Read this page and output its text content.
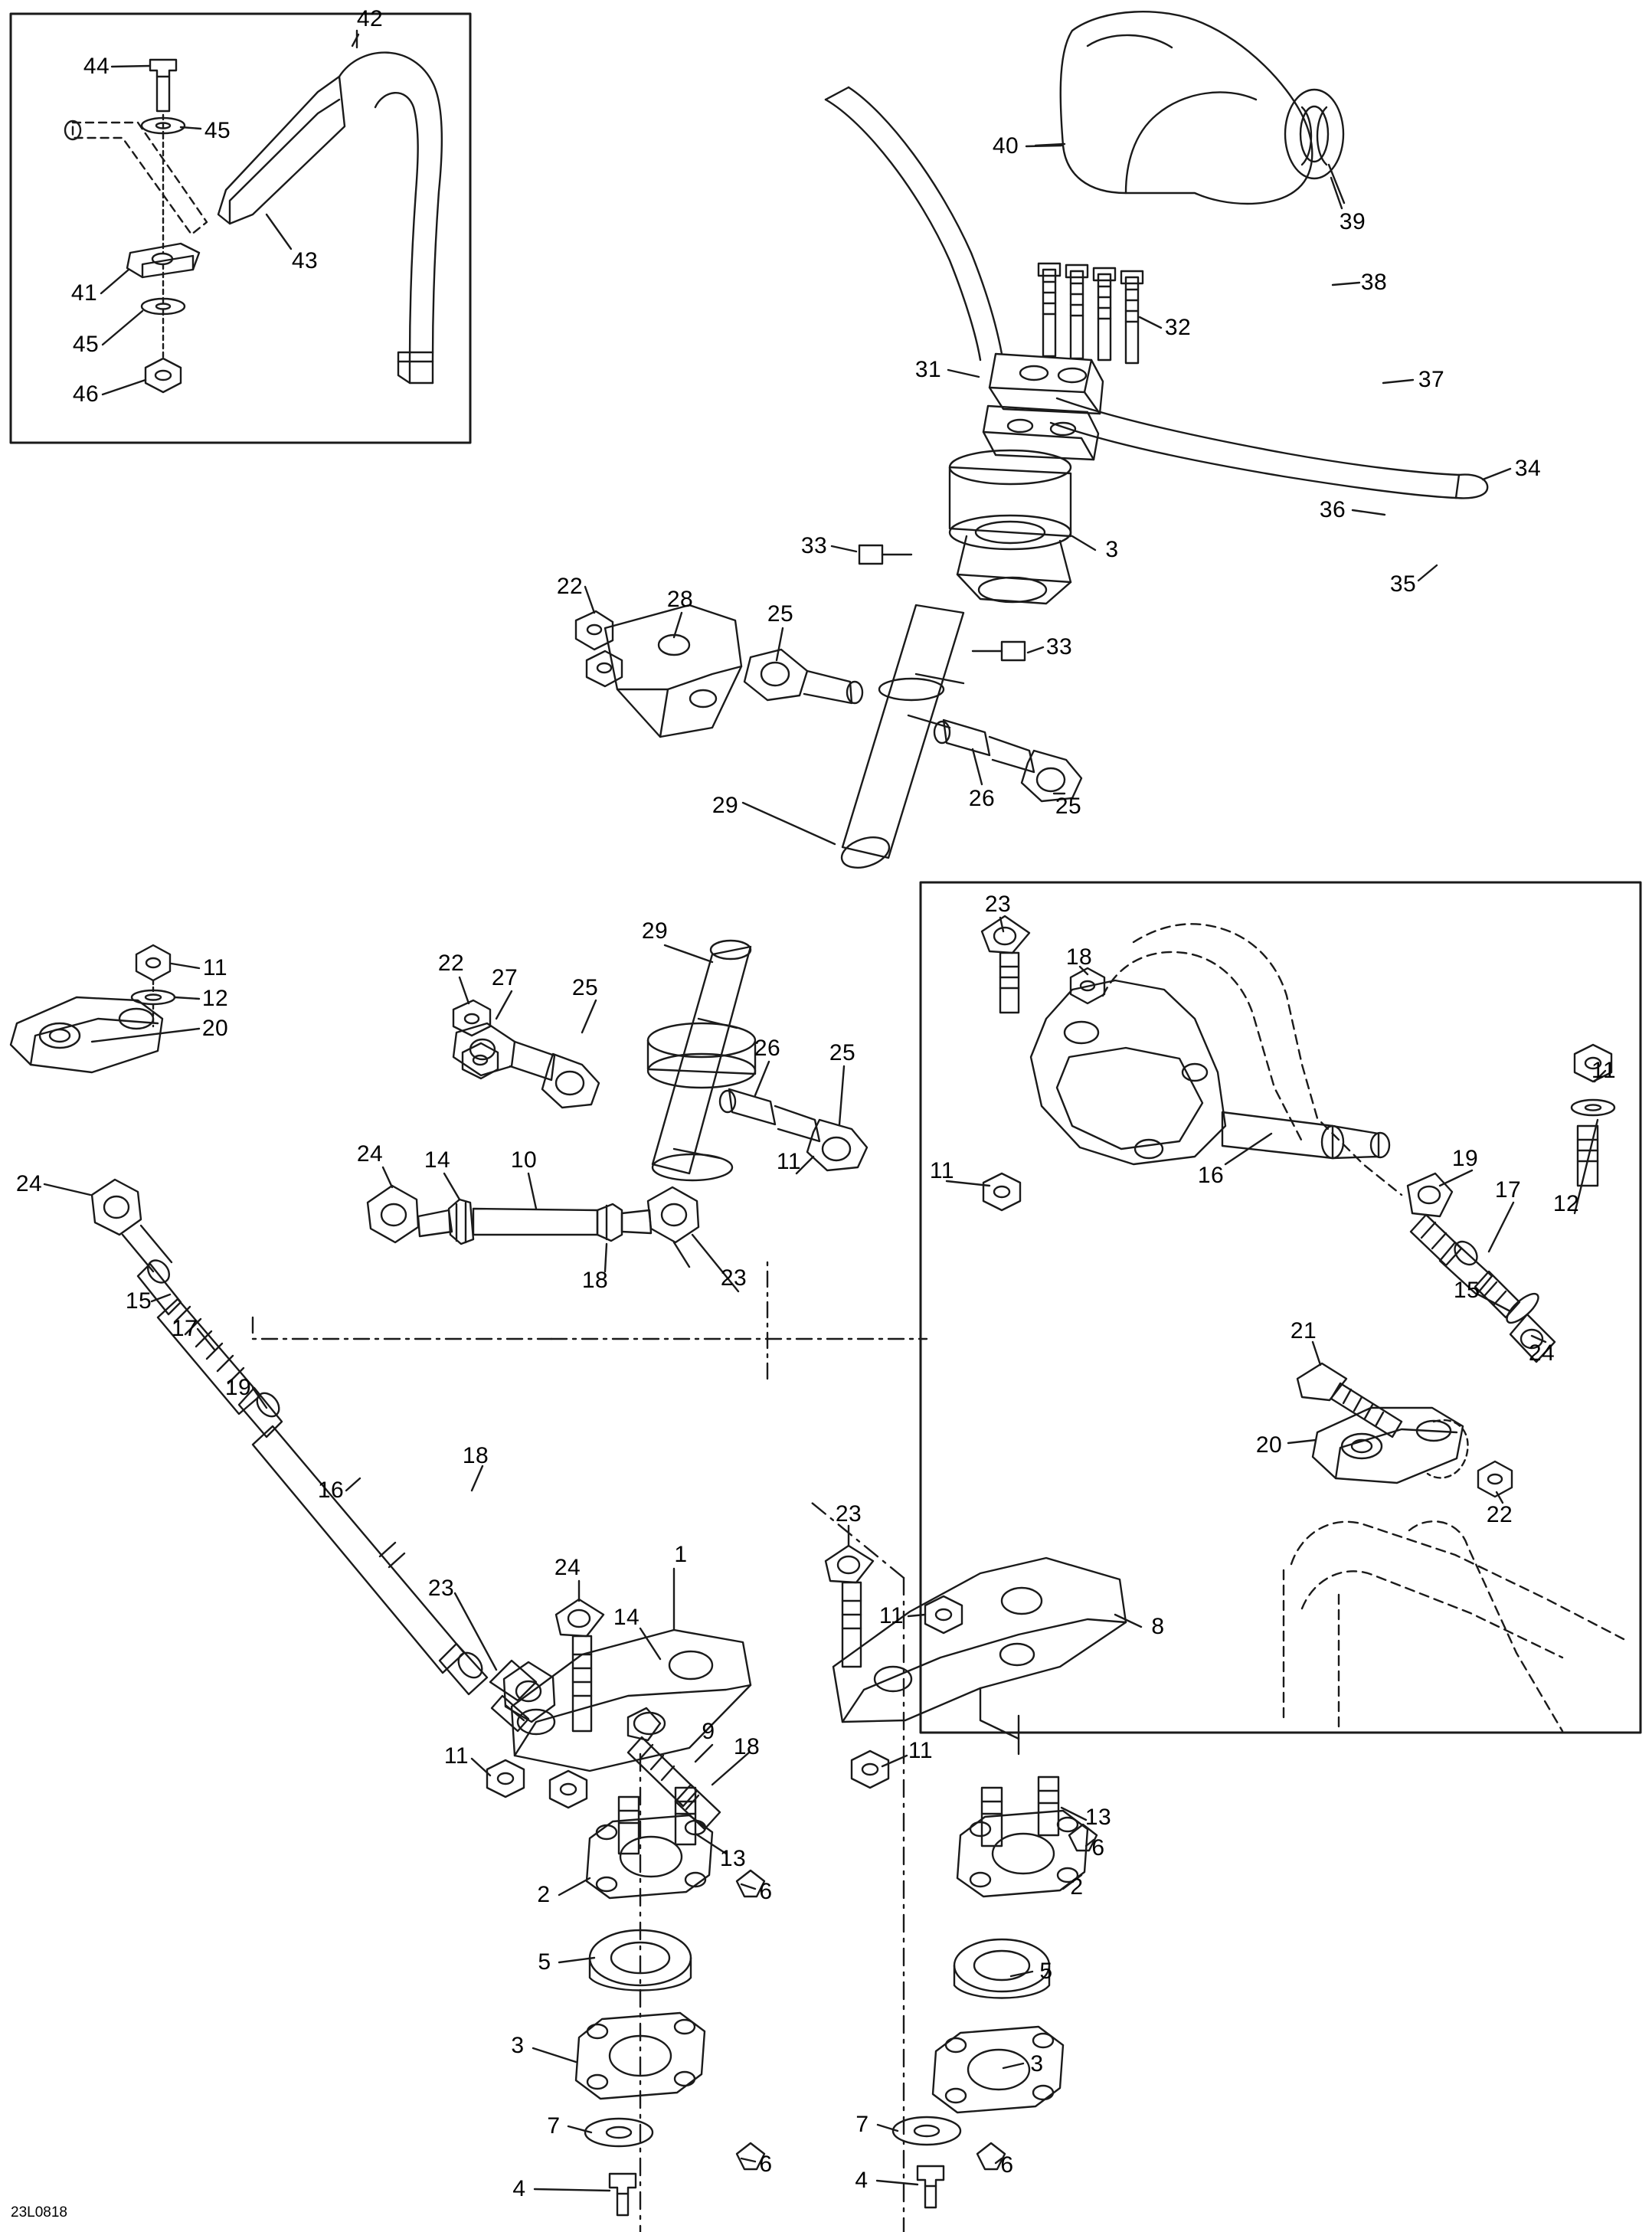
42
44
45
43
41
45
46
40
39
38
32
37
31
34
36
3
33
35
33
22
28
25
26	25
29
23
18
11
12
20
22
27 25
29
26 25
11
11
24
11	16
19
17
12
24 14	10
15
17
19
18	23	15
24
21
20
16
18
22
23
24
1
23
11	8
14
9
18
11	11
13
13
6
2	2
6
5	5
3
3
7	7
4	4
6	6
23L0818
